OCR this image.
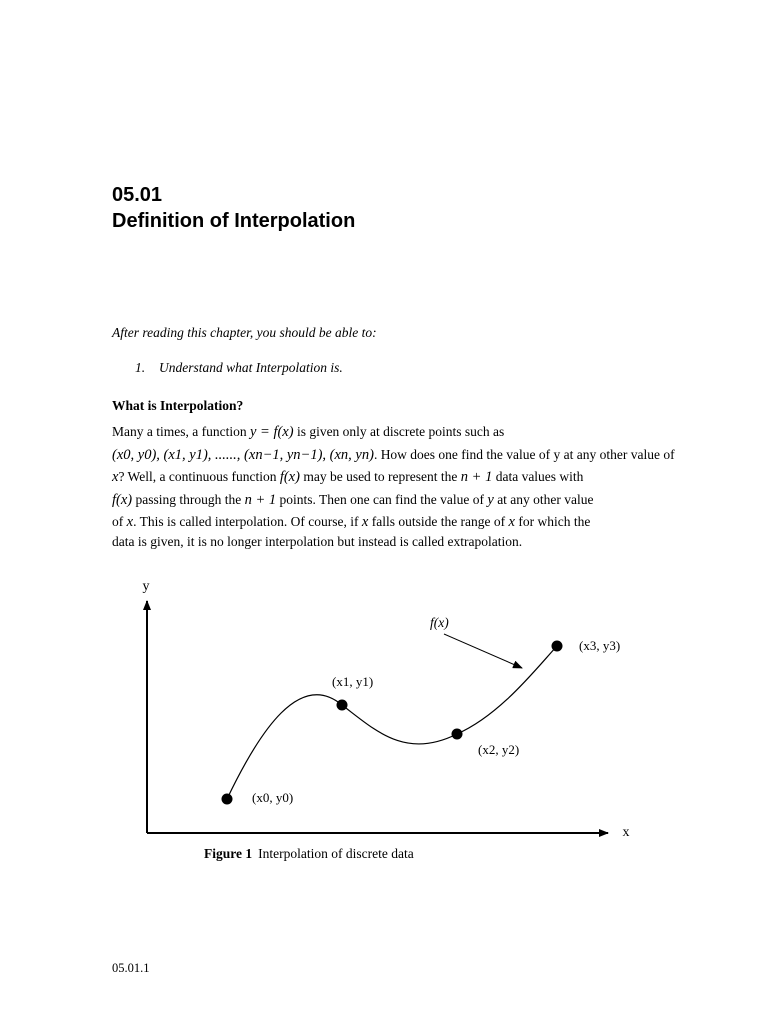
05.01
Definition of Interpolation
After reading this chapter, you should be able to:
1. Understand what Interpolation is.
What is Interpolation?
Many a times, a function y = f(x) is given only at discrete points such as
(x0, y0), (x1, y1), ......, (xn−1, yn−1), (xn, yn). How does one find the value of y at any other value of
x? Well, a continuous function f(x) may be used to represent the n + 1 data values with
f(x) passing through the n + 1 points. Then one can find the value of y at any other value
of x. This is called interpolation. Of course, if x falls outside the range of x for which the
data is given, it is no longer interpolation but instead is called extrapolation.
y
x
(x0, y0)
(x1, y1)
(x2, y2)
(x3, y3)
f(x)
Figure 1 Interpolation of discrete data
05.01.1
